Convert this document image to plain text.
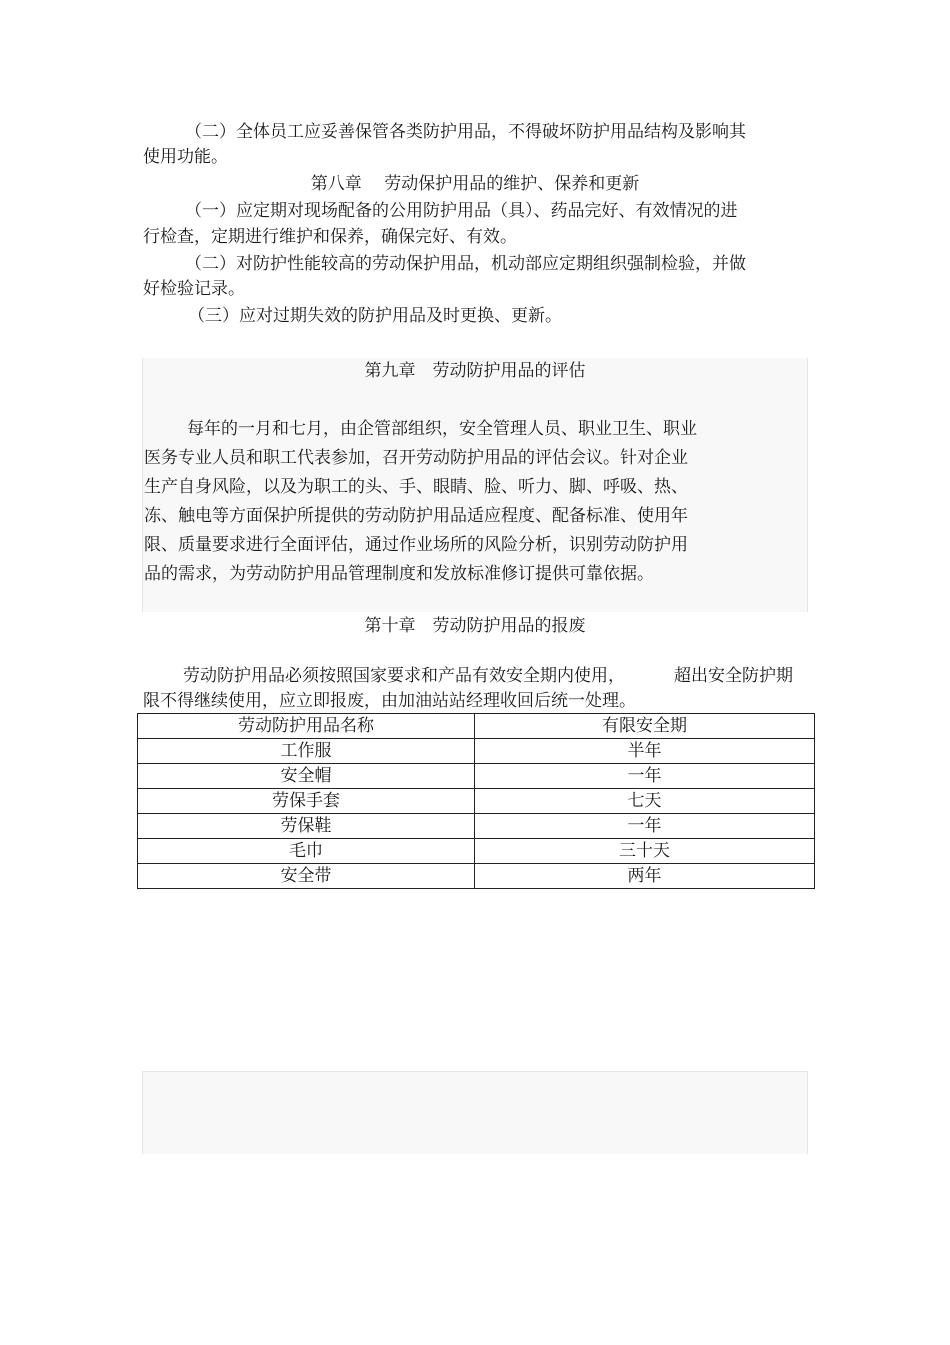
（二）全体员工应妥善保管各类防护用品，不得破坏防护用品结构及影响其
使用功能。
第八章　 劳动保护用品的维护、保养和更新
（一）应定期对现场配备的公用防护用品（具）、药品完好、有效情况的进
行检查，定期进行维护和保养，确保完好、有效。
（二）对防护性能较高的劳动保护用品，机动部应定期组织强制检验，并做
好检验记录。
（三）应对过期失效的防护用品及时更换、更新。
第九章　劳动防护用品的评估
每年的一月和七月，由企管部组织，安全管理人员、职业卫生、职业
医务专业人员和职工代表参加，召开劳动防护用品的评估会议。针对企业
生产自身风险，以及为职工的头、手、眼睛、脸、听力、脚、呼吸、热、
冻、触电等方面保护所提供的劳动防护用品适应程度、配备标准、使用年
限、质量要求进行全面评估，通过作业场所的风险分析，识别劳动防护用
品的需求，为劳动防护用品管理制度和发放标准修订提供可靠依据。
第十章　劳动防护用品的报废
劳动防护用品必须按照国家要求和产品有效安全期内使用，	超出安全防护期
限不得继续使用，应立即报废，由加油站站经理收回后统一处理。
劳动防护用品名称	有限安全期
工作服	半年
安全帽	一年
劳保手套	七天
劳保鞋	一年
毛巾	三十天
安全带	两年
